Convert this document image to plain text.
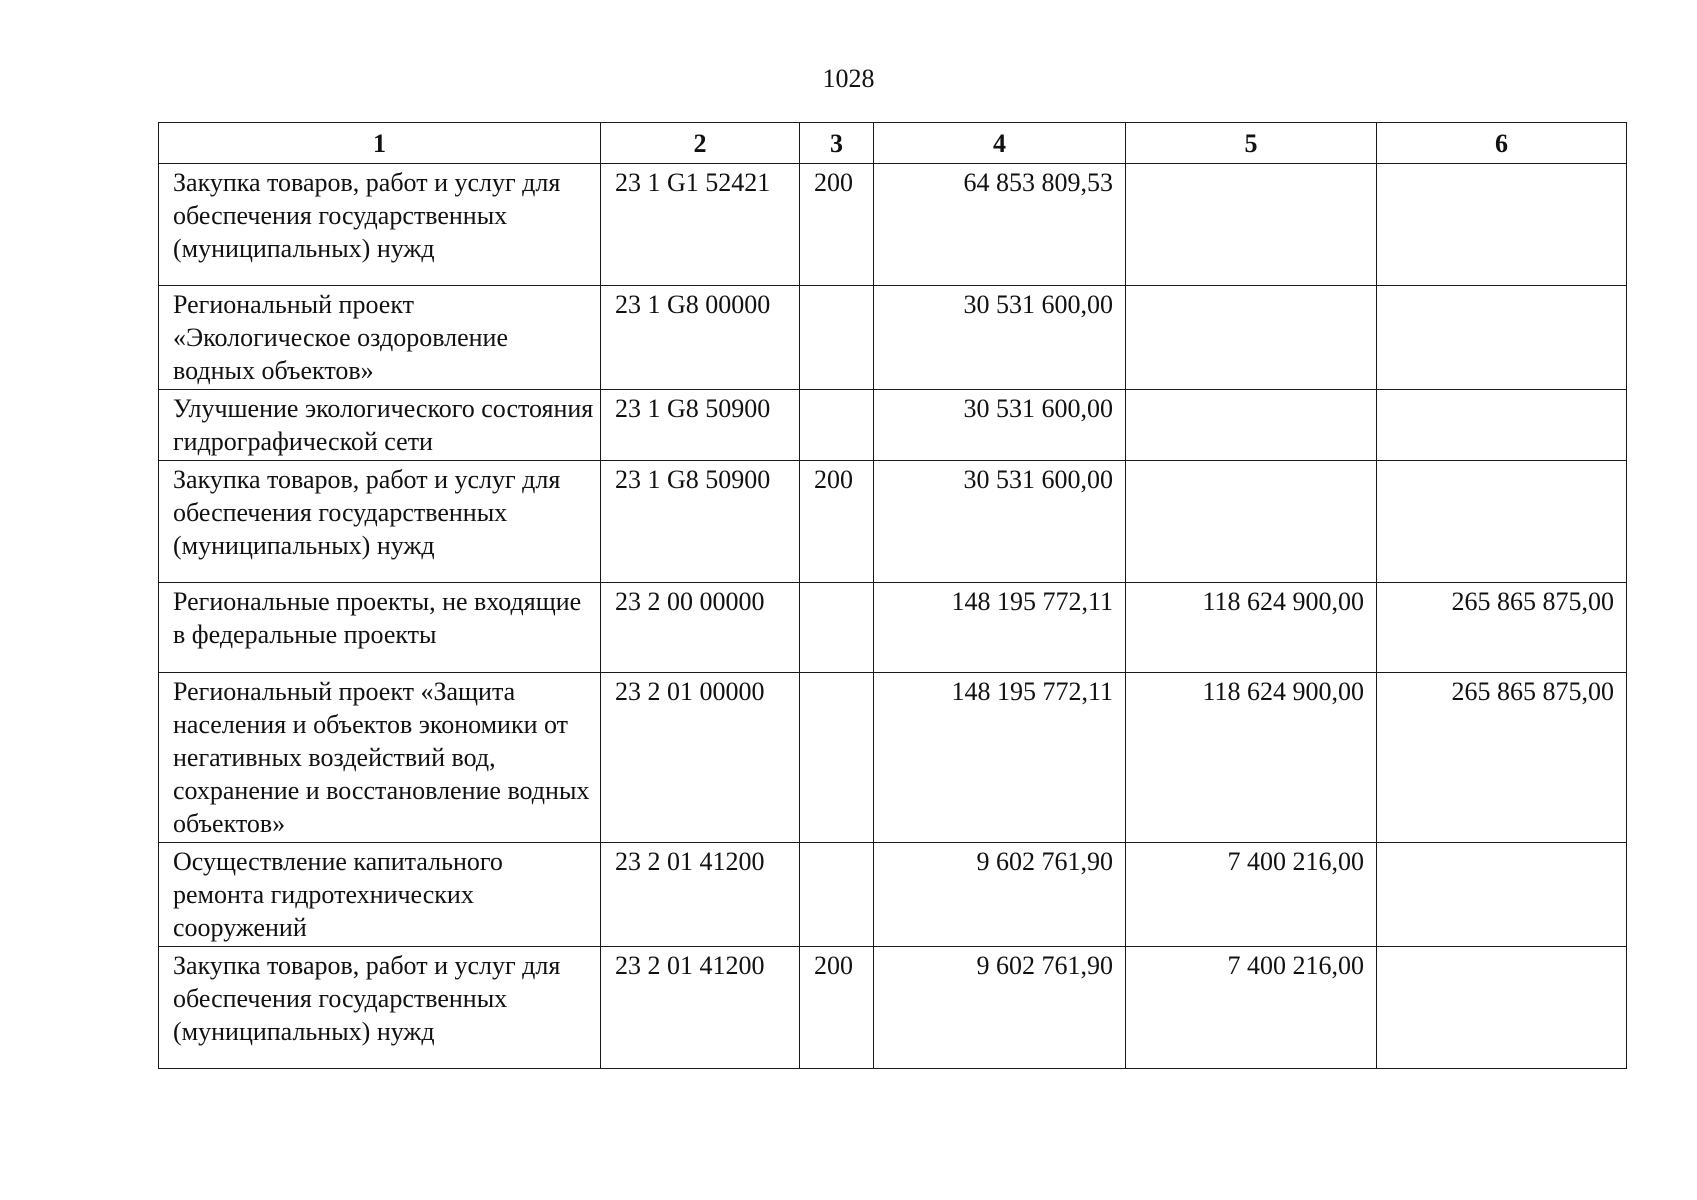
1028
1	2	3	4	5	6
Закупка товаров, работ и услуг для обеспечения государственных (муниципальных) нужд	23 1 G1 52421	200	64 853 809,53		
Региональный проект «Экологическое оздоровление водных объектов»	23 1 G8 00000		30 531 600,00		
Улучшение экологического состояния гидрографической сети	23 1 G8 50900		30 531 600,00		
Закупка товаров, работ и услуг для обеспечения государственных (муниципальных) нужд	23 1 G8 50900	200	30 531 600,00		
Региональные проекты, не входящие в федеральные проекты	23 2 00 00000		148 195 772,11	118 624 900,00	265 865 875,00
Региональный проект «Защита населения и объектов экономики от негативных воздействий вод, сохранение и восстановление водных объектов»	23 2 01 00000		148 195 772,11	118 624 900,00	265 865 875,00
Осуществление капитального ремонта гидротехнических сооружений	23 2 01 41200		9 602 761,90	7 400 216,00	
Закупка товаров, работ и услуг для обеспечения государственных (муниципальных) нужд	23 2 01 41200	200	9 602 761,90	7 400 216,00	
